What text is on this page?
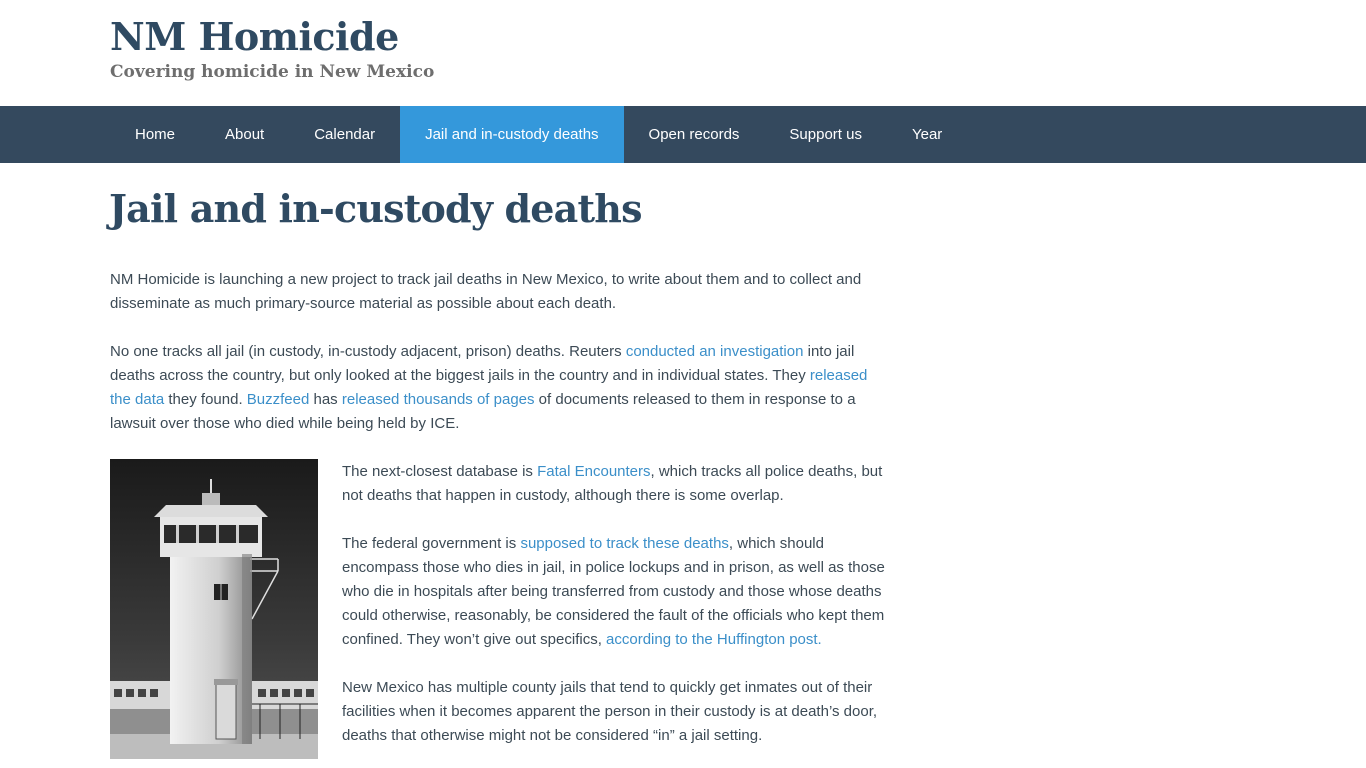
NM Homicide
Covering homicide in New Mexico
Home	About	Calendar	Jail and in-custody deaths	Open records	Support us	Year
Jail and in-custody deaths

NM Homicide is launching a new project to track jail deaths in New Mexico, to write about them and to collect and disseminate as much primary-source material as possible about each death.

No one tracks all jail (in custody, in-custody adjacent, prison) deaths. Reuters conducted an investigation into jail deaths across the country, but only looked at the biggest jails in the country and in individual states. They released the data they found. Buzzfeed has released thousands of pages of documents released to them in response to a lawsuit over those who died while being held by ICE.

The next-closest database is Fatal Encounters, which tracks all police deaths, but not deaths that happen in custody, although there is some overlap.

The federal government is supposed to track these deaths, which should encompass those who dies in jail, in police lockups and in prison, as well as those who die in hospitals after being transferred from custody and those whose deaths could otherwise, reasonably, be considered the fault of the officials who kept them confined. They won’t give out specifics, according to the Huffington post.

New Mexico has multiple county jails that tend to quickly get inmates out of their facilities when it becomes apparent the person in their custody is at death’s door, deaths that otherwise might not be considered “in” a jail setting.
